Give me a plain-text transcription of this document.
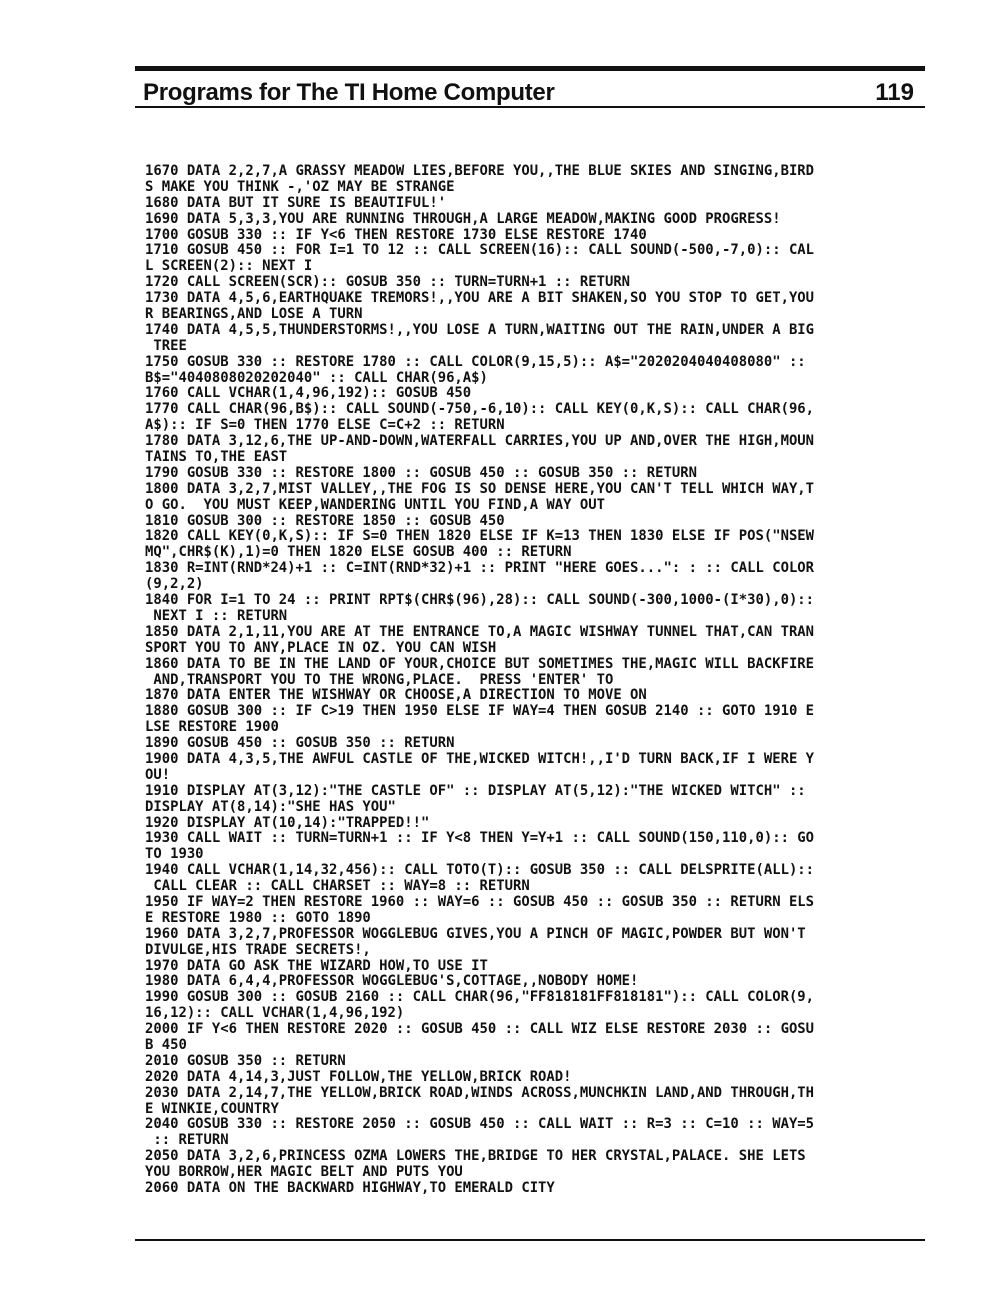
Programs for The TI Home Computer	119
1670 DATA 2,2,7,A GRASSY MEADOW LIES,BEFORE YOU,,THE BLUE SKIES AND SINGING,BIRD
S MAKE YOU THINK -,'OZ MAY BE STRANGE
1680 DATA BUT IT SURE IS BEAUTIFUL!'
1690 DATA 5,3,3,YOU ARE RUNNING THROUGH,A LARGE MEADOW,MAKING GOOD PROGRESS!
1700 GOSUB 330 :: IF Y<6 THEN RESTORE 1730 ELSE RESTORE 1740
1710 GOSUB 450 :: FOR I=1 TO 12 :: CALL SCREEN(16):: CALL SOUND(-500,-7,0):: CAL
L SCREEN(2):: NEXT I
1720 CALL SCREEN(SCR):: GOSUB 350 :: TURN=TURN+1 :: RETURN
1730 DATA 4,5,6,EARTHQUAKE TREMORS!,,YOU ARE A BIT SHAKEN,SO YOU STOP TO GET,YOU
R BEARINGS,AND LOSE A TURN
1740 DATA 4,5,5,THUNDERSTORMS!,,YOU LOSE A TURN,WAITING OUT THE RAIN,UNDER A BIG
TREE
1750 GOSUB 330 :: RESTORE 1780 :: CALL COLOR(9,15,5):: A$="2020204040408080" ::
B$="4040808020202040" :: CALL CHAR(96,A$)
1760 CALL VCHAR(1,4,96,192):: GOSUB 450
1770 CALL CHAR(96,B$):: CALL SOUND(-750,-6,10):: CALL KEY(0,K,S):: CALL CHAR(96,
A$):: IF S=0 THEN 1770 ELSE C=C+2 :: RETURN
1780 DATA 3,12,6,THE UP-AND-DOWN,WATERFALL CARRIES,YOU UP AND,OVER THE HIGH,MOUN
TAINS TO,THE EAST
1790 GOSUB 330 :: RESTORE 1800 :: GOSUB 450 :: GOSUB 350 :: RETURN
1800 DATA 3,2,7,MIST VALLEY,,THE FOG IS SO DENSE HERE,YOU CAN'T TELL WHICH WAY,T
O GO.  YOU MUST KEEP,WANDERING UNTIL YOU FIND,A WAY OUT
1810 GOSUB 300 :: RESTORE 1850 :: GOSUB 450
1820 CALL KEY(0,K,S):: IF S=0 THEN 1820 ELSE IF K=13 THEN 1830 ELSE IF POS("NSEW
MQ",CHR$(K),1)=0 THEN 1820 ELSE GOSUB 400 :: RETURN
1830 R=INT(RND*24)+1 :: C=INT(RND*32)+1 :: PRINT "HERE GOES...": : :: CALL COLOR
(9,2,2)
1840 FOR I=1 TO 24 :: PRINT RPT$(CHR$(96),28):: CALL SOUND(-300,1000-(I*30),0)::
NEXT I :: RETURN
1850 DATA 2,1,11,YOU ARE AT THE ENTRANCE TO,A MAGIC WISHWAY TUNNEL THAT,CAN TRAN
SPORT YOU TO ANY,PLACE IN OZ. YOU CAN WISH
1860 DATA TO BE IN THE LAND OF YOUR,CHOICE BUT SOMETIMES THE,MAGIC WILL BACKFIRE
AND,TRANSPORT YOU TO THE WRONG,PLACE.  PRESS 'ENTER' TO
1870 DATA ENTER THE WISHWAY OR CHOOSE,A DIRECTION TO MOVE ON
1880 GOSUB 300 :: IF C>19 THEN 1950 ELSE IF WAY=4 THEN GOSUB 2140 :: GOTO 1910 E
LSE RESTORE 1900
1890 GOSUB 450 :: GOSUB 350 :: RETURN
1900 DATA 4,3,5,THE AWFUL CASTLE OF THE,WICKED WITCH!,,I'D TURN BACK,IF I WERE Y
OU!
1910 DISPLAY AT(3,12):"THE CASTLE OF" :: DISPLAY AT(5,12):"THE WICKED WITCH" ::
DISPLAY AT(8,14):"SHE HAS YOU"
1920 DISPLAY AT(10,14):"TRAPPED!!"
1930 CALL WAIT :: TURN=TURN+1 :: IF Y<8 THEN Y=Y+1 :: CALL SOUND(150,110,0):: GO
TO 1930
1940 CALL VCHAR(1,14,32,456):: CALL TOTO(T):: GOSUB 350 :: CALL DELSPRITE(ALL)::
CALL CLEAR :: CALL CHARSET :: WAY=8 :: RETURN
1950 IF WAY=2 THEN RESTORE 1960 :: WAY=6 :: GOSUB 450 :: GOSUB 350 :: RETURN ELS
E RESTORE 1980 :: GOTO 1890
1960 DATA 3,2,7,PROFESSOR WOGGLEBUG GIVES,YOU A PINCH OF MAGIC,POWDER BUT WON'T
DIVULGE,HIS TRADE SECRETS!,
1970 DATA GO ASK THE WIZARD HOW,TO USE IT
1980 DATA 6,4,4,PROFESSOR WOGGLEBUG'S,COTTAGE,,NOBODY HOME!
1990 GOSUB 300 :: GOSUB 2160 :: CALL CHAR(96,"FF818181FF818181"):: CALL COLOR(9,
16,12):: CALL VCHAR(1,4,96,192)
2000 IF Y<6 THEN RESTORE 2020 :: GOSUB 450 :: CALL WIZ ELSE RESTORE 2030 :: GOSU
B 450
2010 GOSUB 350 :: RETURN
2020 DATA 4,14,3,JUST FOLLOW,THE YELLOW,BRICK ROAD!
2030 DATA 2,14,7,THE YELLOW,BRICK ROAD,WINDS ACROSS,MUNCHKIN LAND,AND THROUGH,TH
E WINKIE,COUNTRY
2040 GOSUB 330 :: RESTORE 2050 :: GOSUB 450 :: CALL WAIT :: R=3 :: C=10 :: WAY=5
:: RETURN
2050 DATA 3,2,6,PRINCESS OZMA LOWERS THE,BRIDGE TO HER CRYSTAL,PALACE. SHE LETS
YOU BORROW,HER MAGIC BELT AND PUTS YOU
2060 DATA ON THE BACKWARD HIGHWAY,TO EMERALD CITY
